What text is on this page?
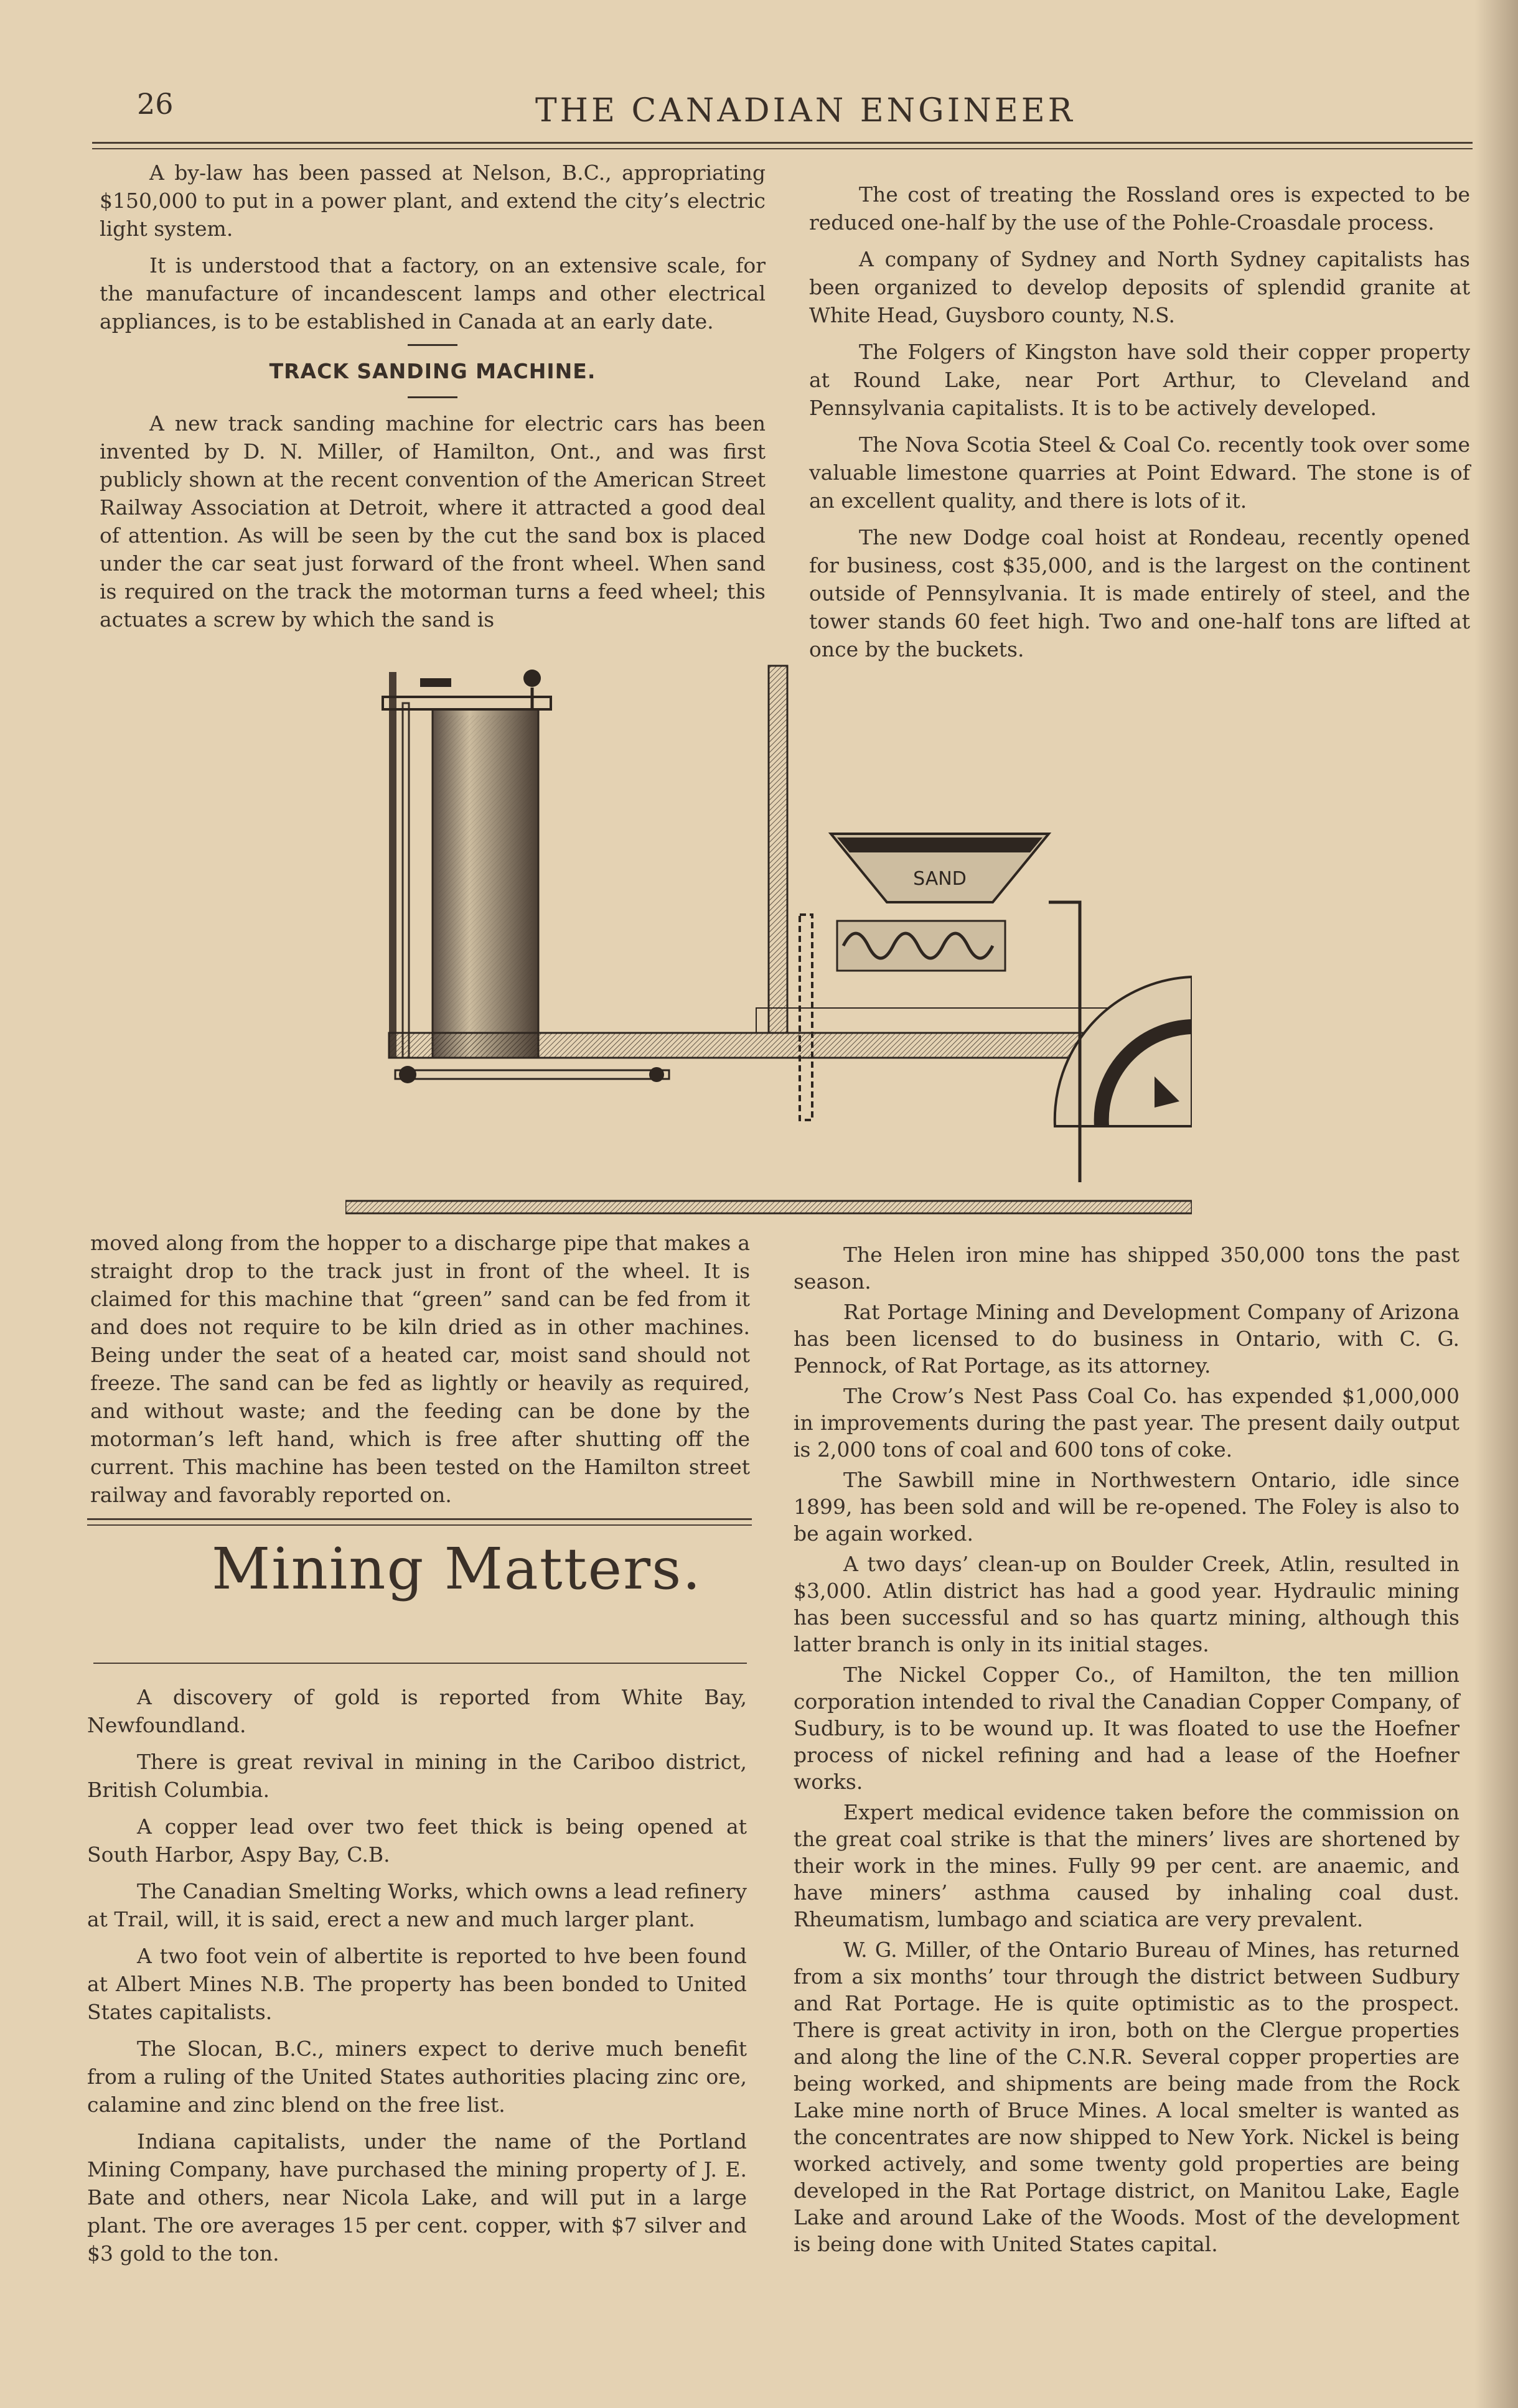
26	THE CANADIAN ENGINEER

A by-law has been passed at Nelson, B.C., appropriating $150,000 to put in a power plant, and extend the city’s electric light system.

It is understood that a factory, on an extensive scale, for the manufacture of incandescent lamps and other electrical appliances, is to be established in Canada at an early date.

TRACK SANDING MACHINE.

A new track sanding machine for electric cars has been invented by D. N. Miller, of Hamilton, Ont., and was first publicly shown at the recent convention of the American Street Railway Association at Detroit, where it attracted a good deal of attention. As will be seen by the cut the sand box is placed under the car seat just forward of the front wheel. When sand is required on the track the motorman turns a feed wheel; this actuates a screw by which the sand is

The cost of treating the Rossland ores is expected to be reduced one-half by the use of the Pohle-Croasdale process.

A company of Sydney and North Sydney capitalists has been organized to develop deposits of splendid granite at White Head, Guysboro county, N.S.

The Folgers of Kingston have sold their copper property at Round Lake, near Port Arthur, to Cleveland and Pennsylvania capitalists. It is to be actively developed.

The Nova Scotia Steel & Coal Co. recently took over some valuable limestone quarries at Point Edward. The stone is of an excellent quality, and there is lots of it.

The new Dodge coal hoist at Rondeau, recently opened for business, cost $35,000, and is the largest on the continent outside of Pennsylvania. It is made entirely of steel, and the tower stands 60 feet high. Two and one-half tons are lifted at once by the buckets.

SAND

moved along from the hopper to a discharge pipe that makes a straight drop to the track just in front of the wheel. It is claimed for this machine that “green” sand can be fed from it and does not require to be kiln dried as in other machines. Being under the seat of a heated car, moist sand should not freeze. The sand can be fed as lightly or heavily as required, and without waste; and the feeding can be done by the motorman’s left hand, which is free after shutting off the current. This machine has been tested on the Hamilton street railway and favorably reported on.

Mining Matters.

A discovery of gold is reported from White Bay, Newfoundland.

There is great revival in mining in the Cariboo district, British Columbia.

A copper lead over two feet thick is being opened at South Harbor, Aspy Bay, C.B.

The Canadian Smelting Works, which owns a lead refinery at Trail, will, it is said, erect a new and much larger plant.

A two foot vein of albertite is reported to hve been found at Albert Mines N.B. The property has been bonded to United States capitalists.

The Slocan, B.C., miners expect to derive much benefit from a ruling of the United States authorities placing zinc ore, calamine and zinc blend on the free list.

Indiana capitalists, under the name of the Portland Mining Company, have purchased the mining property of J. E. Bate and others, near Nicola Lake, and will put in a large plant. The ore averages 15 per cent. copper, with $7 silver and $3 gold to the ton.

The Helen iron mine has shipped 350,000 tons the past season.

Rat Portage Mining and Development Company of Arizona has been licensed to do business in Ontario, with C. G. Pennock, of Rat Portage, as its attorney.

The Crow’s Nest Pass Coal Co. has expended $1,000,000 in improvements during the past year. The present daily output is 2,000 tons of coal and 600 tons of coke.

The Sawbill mine in Northwestern Ontario, idle since 1899, has been sold and will be re-opened. The Foley is also to be again worked.

A two days’ clean-up on Boulder Creek, Atlin, resulted in $3,000. Atlin district has had a good year. Hydraulic mining has been successful and so has quartz mining, although this latter branch is only in its initial stages.

The Nickel Copper Co., of Hamilton, the ten million corporation intended to rival the Canadian Copper Company, of Sudbury, is to be wound up. It was floated to use the Hoefner process of nickel refining and had a lease of the Hoefner works.

Expert medical evidence taken before the commission on the great coal strike is that the miners’ lives are shortened by their work in the mines. Fully 99 per cent. are anaemic, and have miners’ asthma caused by inhaling coal dust. Rheumatism, lumbago and sciatica are very prevalent.

W. G. Miller, of the Ontario Bureau of Mines, has returned from a six months’ tour through the district between Sudbury and Rat Portage. He is quite optimistic as to the prospect. There is great activity in iron, both on the Clergue properties and along the line of the C.N.R. Several copper properties are being worked, and shipments are being made from the Rock Lake mine north of Bruce Mines. A local smelter is wanted as the concentrates are now shipped to New York. Nickel is being worked actively, and some twenty gold properties are being developed in the Rat Portage district, on Manitou Lake, Eagle Lake and around Lake of the Woods. Most of the development is being done with United States capital.
